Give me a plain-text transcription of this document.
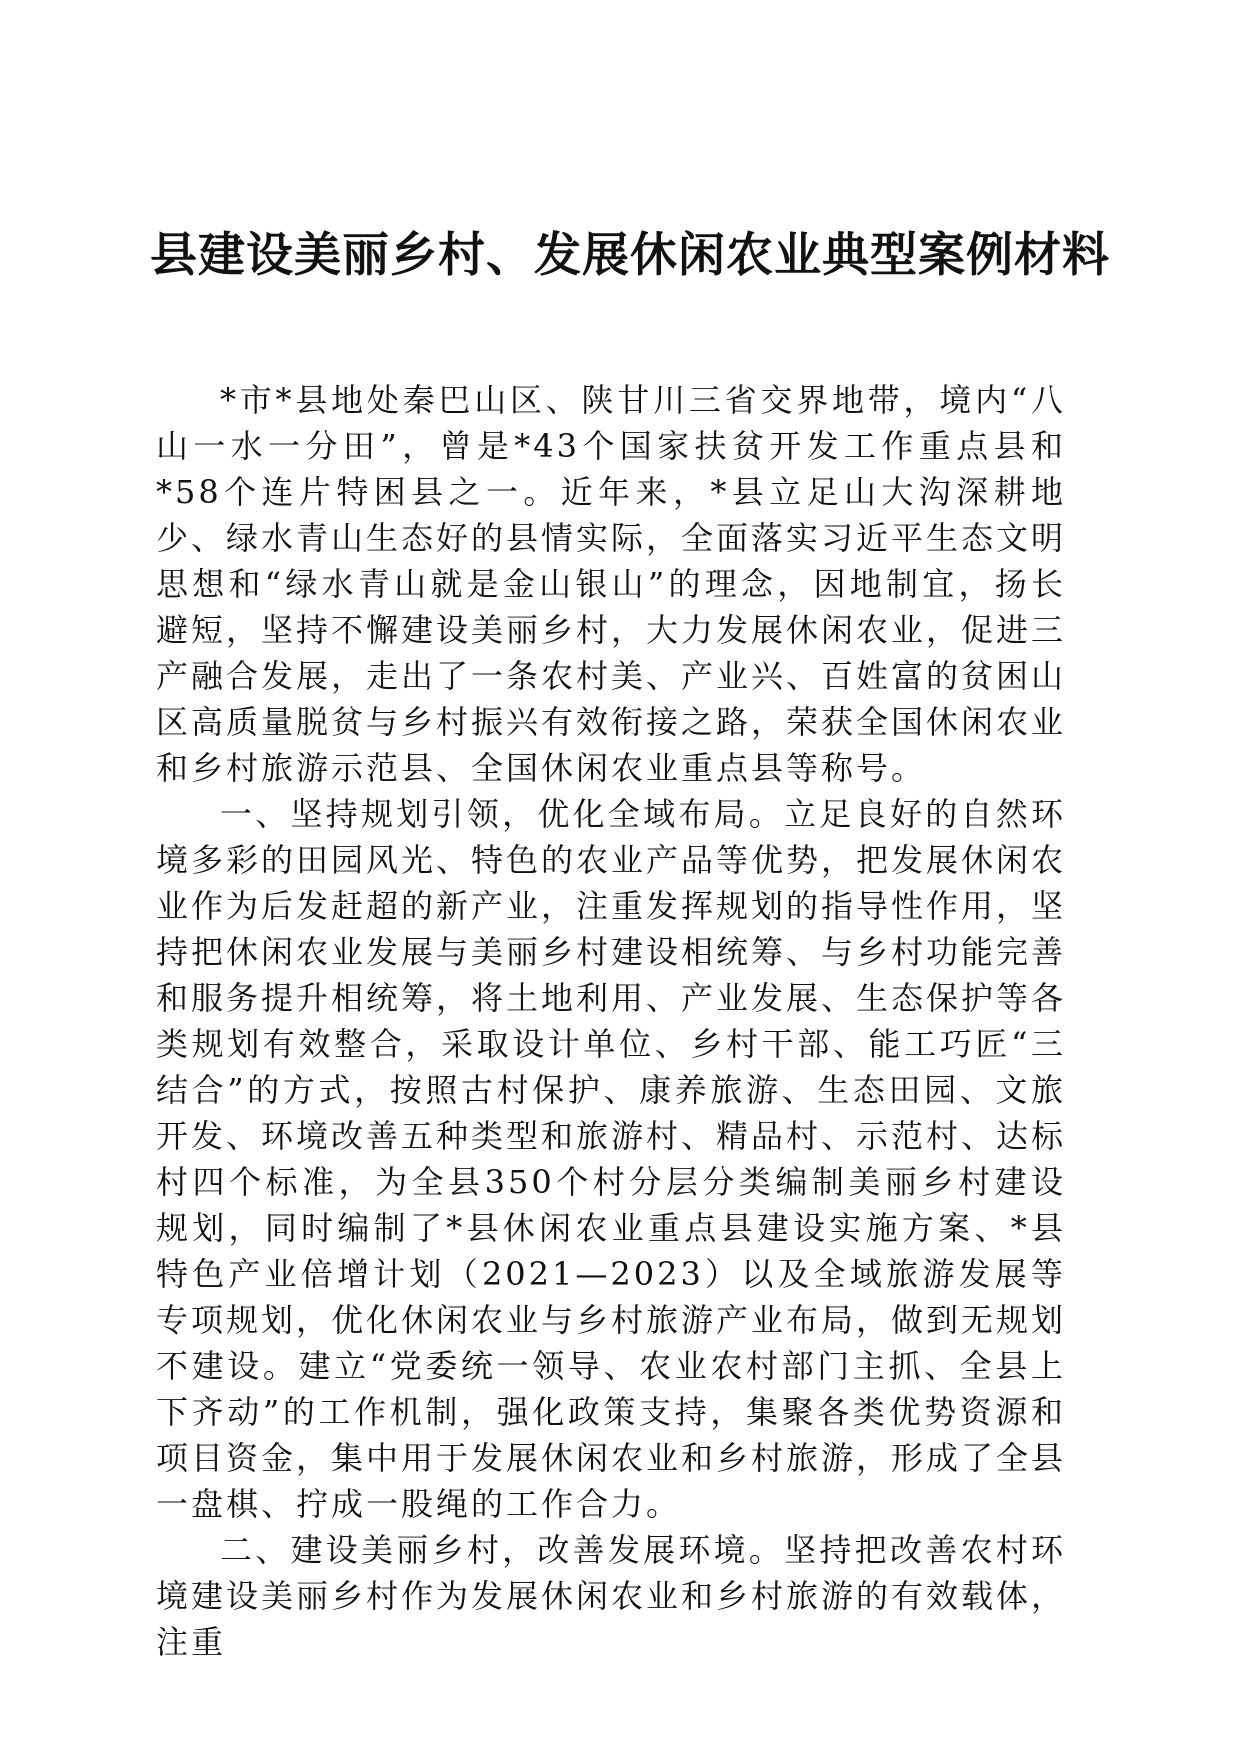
县建设美丽乡村、发展休闲农业典型案例材料

*市*县地处秦巴山区、陕甘川三省交界地带，境内“八山一水一分田”，曾是*43个国家扶贫开发工作重点县和*58个连片特困县之一。近年来，*县立足山大沟深耕地少、绿水青山生态好的县情实际，全面落实习近平生态文明思想和“绿水青山就是金山银山”的理念，因地制宜，扬长避短，坚持不懈建设美丽乡村，大力发展休闲农业，促进三产融合发展，走出了一条农村美、产业兴、百姓富的贫困山区高质量脱贫与乡村振兴有效衔接之路，荣获全国休闲农业和乡村旅游示范县、全国休闲农业重点县等称号。

一、坚持规划引领，优化全域布局。立足良好的自然环境多彩的田园风光、特色的农业产品等优势，把发展休闲农业作为后发赶超的新产业，注重发挥规划的指导性作用，坚持把休闲农业发展与美丽乡村建设相统筹、与乡村功能完善和服务提升相统筹，将土地利用、产业发展、生态保护等各类规划有效整合，采取设计单位、乡村干部、能工巧匠“三结合”的方式，按照古村保护、康养旅游、生态田园、文旅开发、环境改善五种类型和旅游村、精品村、示范村、达标村四个标准，为全县350个村分层分类编制美丽乡村建设规划，同时编制了*县休闲农业重点县建设实施方案、*县特色产业倍增计划（2021—2023）以及全域旅游发展等专项规划，优化休闲农业与乡村旅游产业布局，做到无规划不建设。建立“党委统一领导、农业农村部门主抓、全县上下齐动”的工作机制，强化政策支持，集聚各类优势资源和项目资金，集中用于发展休闲农业和乡村旅游，形成了全县一盘棋、拧成一股绳的工作合力。

二、建设美丽乡村，改善发展环境。坚持把改善农村环境建设美丽乡村作为发展休闲农业和乡村旅游的有效载体，注重
